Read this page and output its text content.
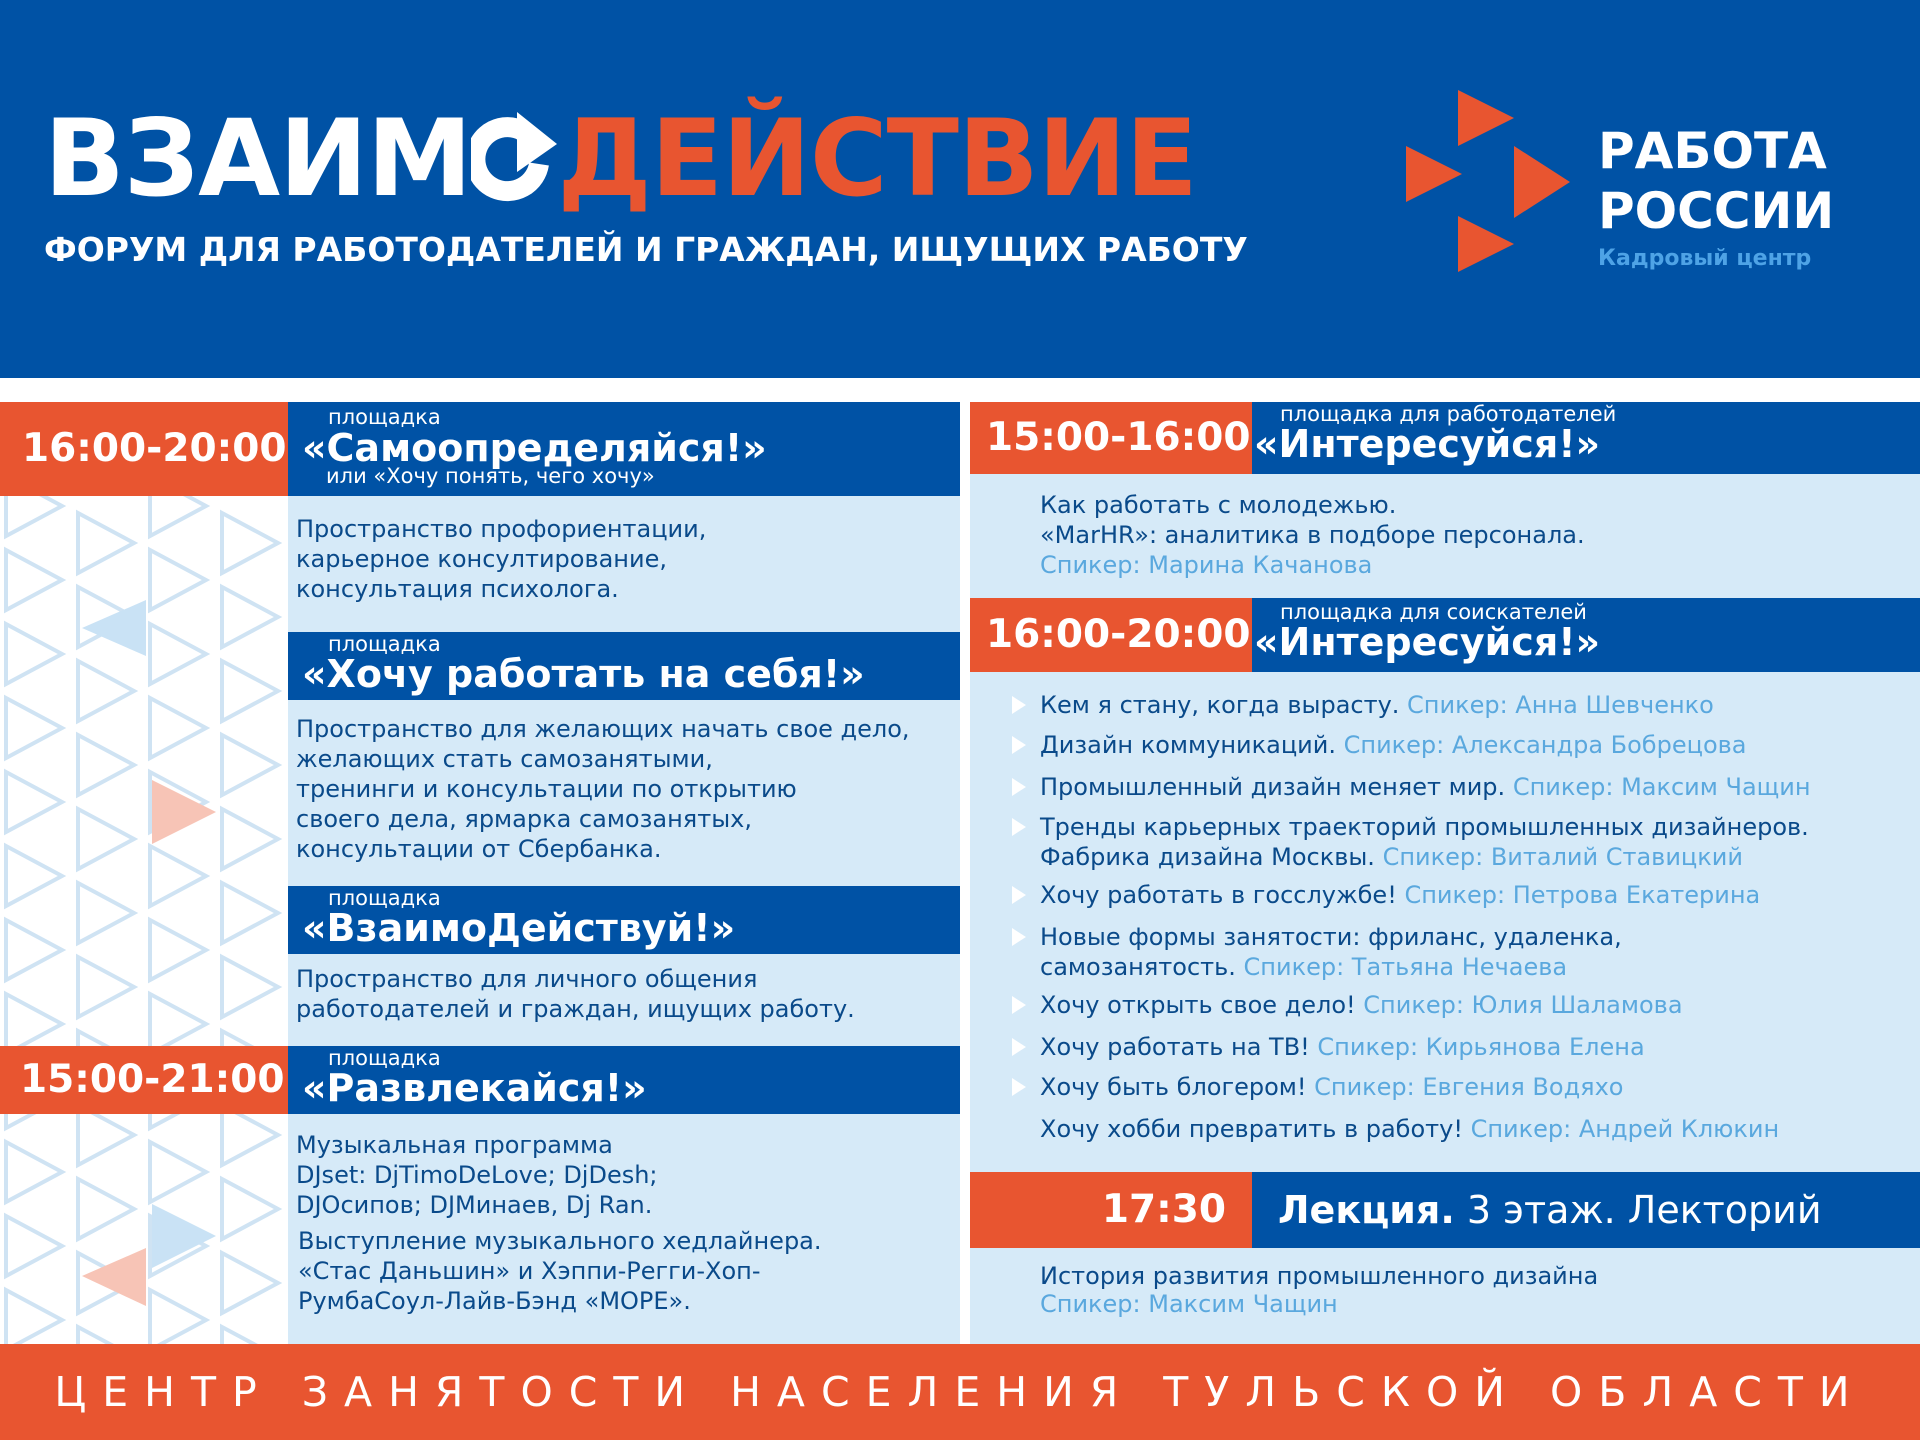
ВЗАИМ ДЕЙСТВИЕ
ФОРУМ ДЛЯ РАБОТОДАТЕЛЕЙ И ГРАЖДАН, ИЩУЩИХ РАБОТУ
РАБОТА
РОССИИ
Кадровый центр
16:00-20:00
площадка
«Самоопределяйся!»
или «Хочу понять, чего хочу»
Пространство профориентации,
карьерное консултирование,
консультация психолога.
площадка
«Хочу работать на себя!»
Пространство для желающих начать свое дело,
желающих стать самозанятыми,
тренинги и консультации по открытию
своего дела, ярмарка самозанятых,
консультации от Сбербанка.
площадка
«ВзаимоДействуй!»
Пространство для личного общения
работодателей и граждан, ищущих работу.
15:00-21:00 площадка
«Развлекайся!»
Музыкальная программа
DJset: DjTimoDeLove; DjDesh;
DJОсипов; DJМинаев, Dj Ran.
Выступление музыкального хедлайнера.
«Стас Даньшин» и Хэппи-Регги-Хоп-
РумбаСоул-Лайв-Бэнд «МОРЕ».
15:00-16:00
площадка для работодателей
«Интересуйся!»
Как работать с молодежью.
«MarHR»: аналитика в подборе персонала.
Спикер: Марина Качанова
16:00-20:00 площадка для соискателей
«Интересуйся!»
Кем я стану, когда вырасту. Спикер: Анна Шевченко
Дизайн коммуникаций. Спикер: Александра Бобрецова
Промышленный дизайн меняет мир. Спикер: Максим Чащин
Тренды карьерных траекторий промышленных дизайнеров.
Фабрика дизайна Москвы. Спикер: Виталий Ставицкий
Хочу работать в госслужбе! Спикер: Петрова Екатерина
Новые формы занятости: фриланс, удаленка,
самозанятость. Спикер: Татьяна Нечаева
Хочу открыть свое дело! Спикер: Юлия Шаламова
Хочу работать на ТВ! Спикер: Кирьянова Елена
Хочу быть блогером! Спикер: Евгения Водяхо
Хочу хобби превратить в работу! Спикер: Андрей Клюкин
17:30 Лекция. 3 этаж. Лекторий
История развития промышленного дизайна
Спикер: Максим Чащин
ЦЕНТР ЗАНЯТОСТИ НАСЕЛЕНИЯ ТУЛЬСКОЙ ОБЛАСТИ
